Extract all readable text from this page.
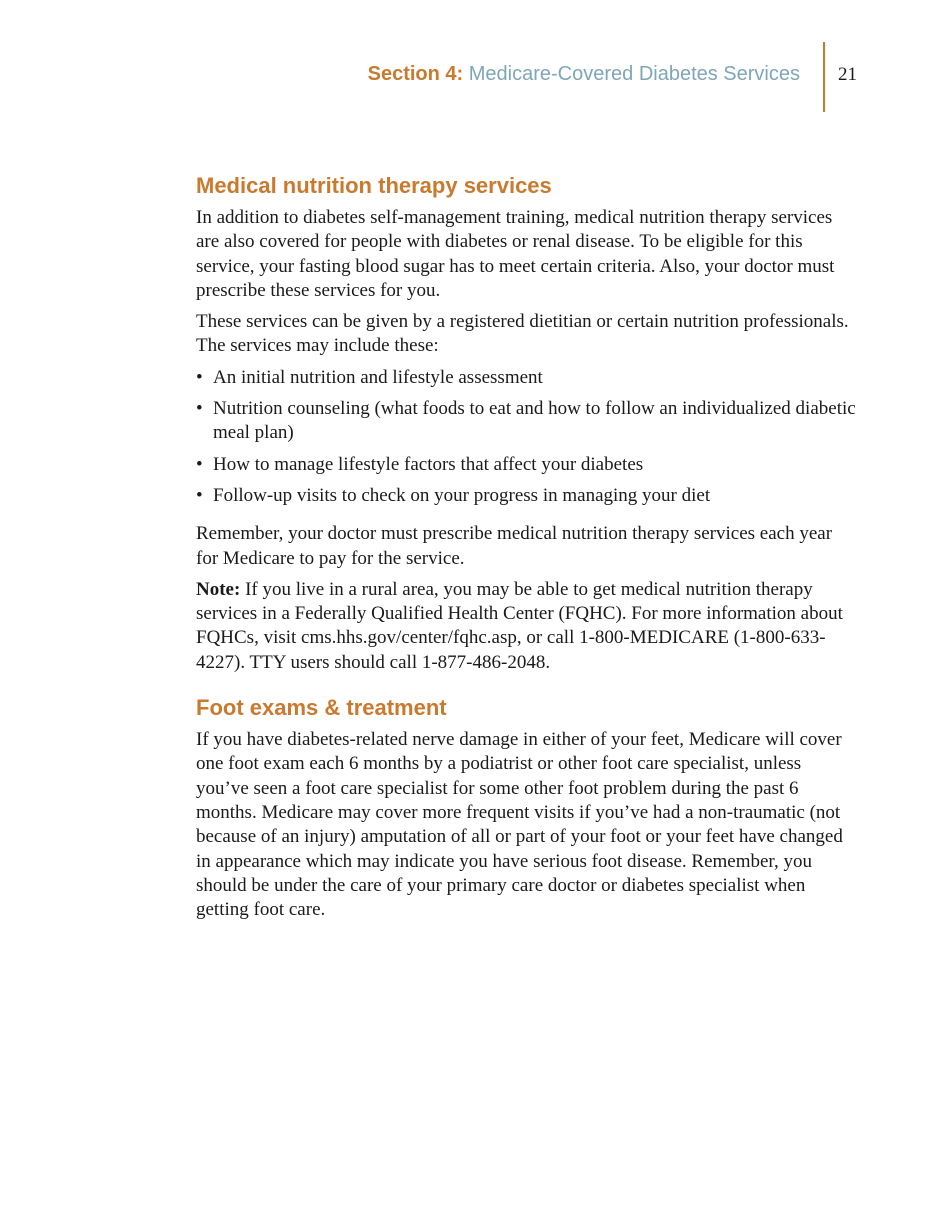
Section 4: Medicare-Covered Diabetes Services 21
Medical nutrition therapy services

In addition to diabetes self-management training, medical nutrition therapy services are also covered for people with diabetes or renal disease. To be eligible for this service, your fasting blood sugar has to meet certain criteria. Also, your doctor must prescribe these services for you.

These services can be given by a registered dietitian or certain nutrition professionals. The services may include these:

• An initial nutrition and lifestyle assessment
• Nutrition counseling (what foods to eat and how to follow an individualized diabetic meal plan)
• How to manage lifestyle factors that affect your diabetes
• Follow-up visits to check on your progress in managing your diet

Remember, your doctor must prescribe medical nutrition therapy services each year for Medicare to pay for the service.

Note: If you live in a rural area, you may be able to get medical nutrition therapy services in a Federally Qualified Health Center (FQHC). For more information about FQHCs, visit cms.hhs.gov/center/fqhc.asp, or call 1-800-MEDICARE (1-800-633-4227). TTY users should call 1-877-486-2048.

Foot exams & treatment

If you have diabetes-related nerve damage in either of your feet, Medicare will cover one foot exam each 6 months by a podiatrist or other foot care specialist, unless you’ve seen a foot care specialist for some other foot problem during the past 6 months. Medicare may cover more frequent visits if you’ve had a non-traumatic (not because of an injury) amputation of all or part of your foot or your feet have changed in appearance which may indicate you have serious foot disease. Remember, you should be under the care of your primary care doctor or diabetes specialist when getting foot care.
